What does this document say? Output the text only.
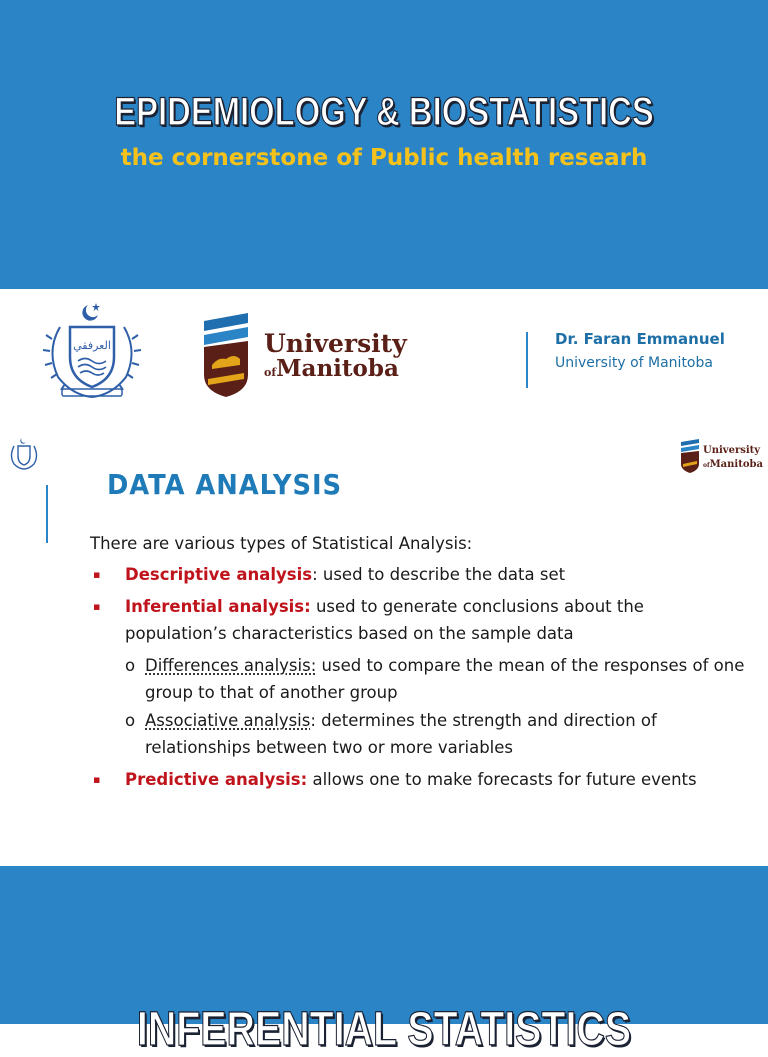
EPIDEMIOLOGY & BIOSTATISTICS
the cornerstone of Public health researh
العرفقي	University
ofManitoba
Dr. Faran Emmanuel
University of Manitoba
University
ofManitoba
DATA ANALYSIS

There are various types of Statistical Analysis:

▪ Descriptive analysis: used to describe the data set
▪ Inferential analysis: used to generate conclusions about the population’s characteristics based on the sample data
o Differences analysis: used to compare the mean of the responses of one group to that of another group
o Associative analysis: determines the strength and direction of relationships between two or more variables
▪ Predictive analysis: allows one to make forecasts for future events
INFERENTIAL STATISTICS
